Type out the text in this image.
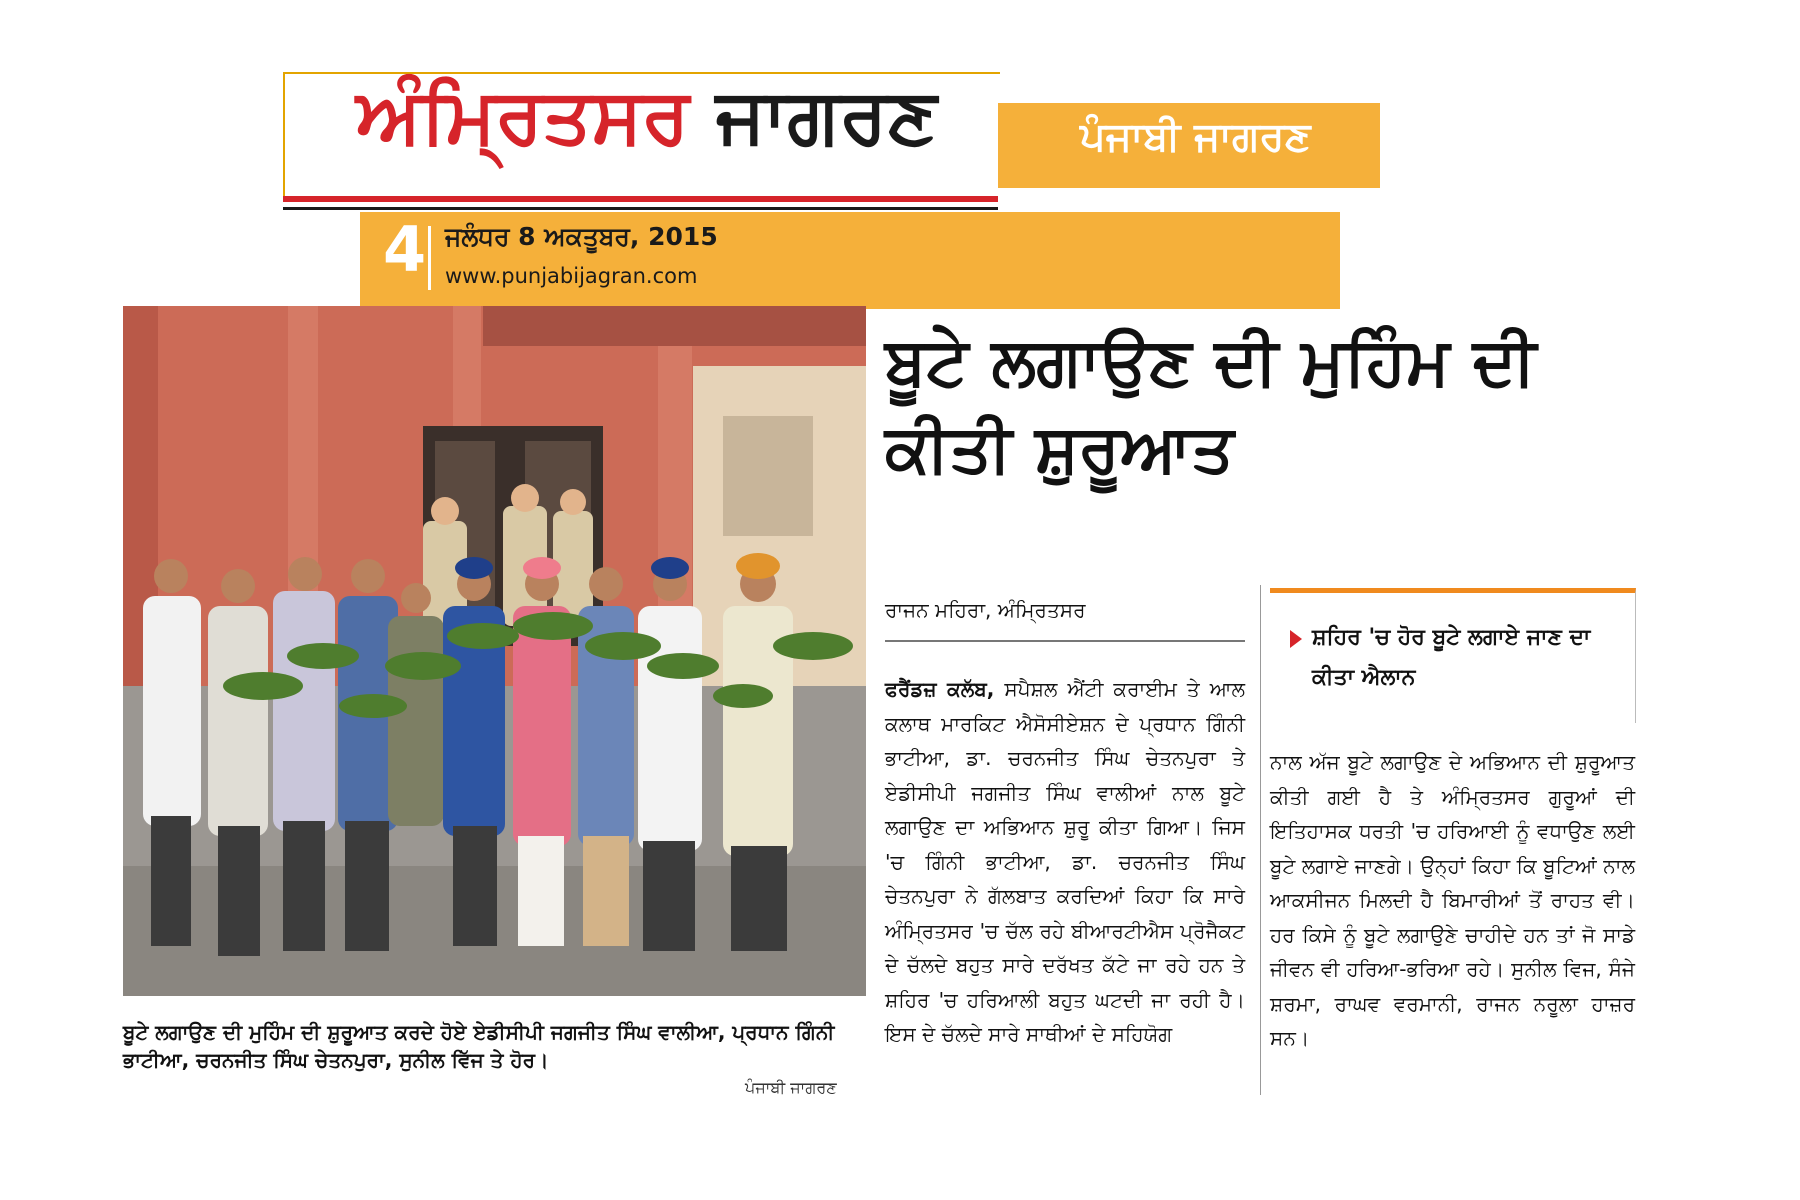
ਅੰਮ੍ਰਿਤਸਰ ਜਾਗਰਣ	ਪੰਜਾਬੀ ਜਾਗਰਣ
4 ਜਲੰਧਰ 8 ਅਕਤੂਬਰ, 2015
www.punjabijagran.com
ਬੂਟੇ ਲਗਾਉਣ ਦੀ ਮੁਹਿੰਮ ਦੀ ਸ਼ੁਰੂਆਤ ਕਰਦੇ ਹੋਏ ਏਡੀਸੀਪੀ ਜਗਜੀਤ ਸਿੰਘ ਵਾਲੀਆ, ਪ੍ਰਧਾਨ ਗਿੰਨੀ ਭਾਟੀਆ, ਚਰਨਜੀਤ ਸਿੰਘ ਚੇਤਨਪੁਰਾ, ਸੁਨੀਲ ਵਿੱਜ ਤੇ ਹੋਰ।
ਪੰਜਾਬੀ ਜਾਗਰਣ
ਬੂਟੇ ਲਗਾਉਣ ਦੀ ਮੁਹਿੰਮ ਦੀ ਕੀਤੀ ਸ਼ੁਰੂਆਤ
ਰਾਜਨ ਮਹਿਰਾ, ਅੰਮ੍ਰਿਤਸਰ
ਫਰੈਂਡਜ਼ ਕਲੱਬ, ਸਪੈਸ਼ਲ ਐਂਟੀ ਕਰਾਈਮ ਤੇ ਆਲ ਕਲਾਥ ਮਾਰਕਿਟ ਐਸੋਸੀਏਸ਼ਨ ਦੇ ਪ੍ਰਧਾਨ ਗਿੰਨੀ ਭਾਟੀਆ, ਡਾ. ਚਰਨਜੀਤ ਸਿੰਘ ਚੇਤਨਪੁਰਾ ਤੇ ਏਡੀਸੀਪੀ ਜਗਜੀਤ ਸਿੰਘ ਵਾਲੀਆਂ ਨਾਲ ਬੂਟੇ ਲਗਾਉਣ ਦਾ ਅਭਿਆਨ ਸ਼ੁਰੂ ਕੀਤਾ ਗਿਆ। ਜਿਸ 'ਚ ਗਿੰਨੀ ਭਾਟੀਆ, ਡਾ. ਚਰਨਜੀਤ ਸਿੰਘ ਚੇਤਨਪੁਰਾ ਨੇ ਗੱਲਬਾਤ ਕਰਦਿਆਂ ਕਿਹਾ ਕਿ ਸਾਰੇ ਅੰਮ੍ਰਿਤਸਰ 'ਚ ਚੱਲ ਰਹੇ ਬੀਆਰਟੀਐਸ ਪ੍ਰੋਜੈਕਟ ਦੇ ਚੱਲਦੇ ਬਹੁਤ ਸਾਰੇ ਦਰੱਖਤ ਕੱਟੇ ਜਾ ਰਹੇ ਹਨ ਤੇ ਸ਼ਹਿਰ 'ਚ ਹਰਿਆਲੀ ਬਹੁਤ ਘਟਦੀ ਜਾ ਰਹੀ ਹੈ। ਇਸ ਦੇ ਚੱਲਦੇ ਸਾਰੇ ਸਾਥੀਆਂ ਦੇ ਸਹਿਯੋਗ
ਸ਼ਹਿਰ 'ਚ ਹੋਰ ਬੂਟੇ ਲਗਾਏ ਜਾਣ ਦਾ ਕੀਤਾ ਐਲਾਨ
ਨਾਲ ਅੱਜ ਬੂਟੇ ਲਗਾਉਣ ਦੇ ਅਭਿਆਨ ਦੀ ਸ਼ੁਰੂਆਤ ਕੀਤੀ ਗਈ ਹੈ ਤੇ ਅੰਮ੍ਰਿਤਸਰ ਗੁਰੂਆਂ ਦੀ ਇਤਿਹਾਸਕ ਧਰਤੀ 'ਚ ਹਰਿਆਈ ਨੂੰ ਵਧਾਉਣ ਲਈ ਬੂਟੇ ਲਗਾਏ ਜਾਣਗੇ। ਉਨ੍ਹਾਂ ਕਿਹਾ ਕਿ ਬੂਟਿਆਂ ਨਾਲ ਆਕਸੀਜਨ ਮਿਲਦੀ ਹੈ ਬਿਮਾਰੀਆਂ ਤੋਂ ਰਾਹਤ ਵੀ। ਹਰ ਕਿਸੇ ਨੂੰ ਬੂਟੇ ਲਗਾਉਣੇ ਚਾਹੀਦੇ ਹਨ ਤਾਂ ਜੋ ਸਾਡੇ ਜੀਵਨ ਵੀ ਹਰਿਆ-ਭਰਿਆ ਰਹੇ। ਸੁਨੀਲ ਵਿਜ, ਸੰਜੇ ਸ਼ਰਮਾ, ਰਾਘਵ ਵਰਮਾਨੀ, ਰਾਜਨ ਨਰੂਲਾ ਹਾਜ਼ਰ ਸਨ।
